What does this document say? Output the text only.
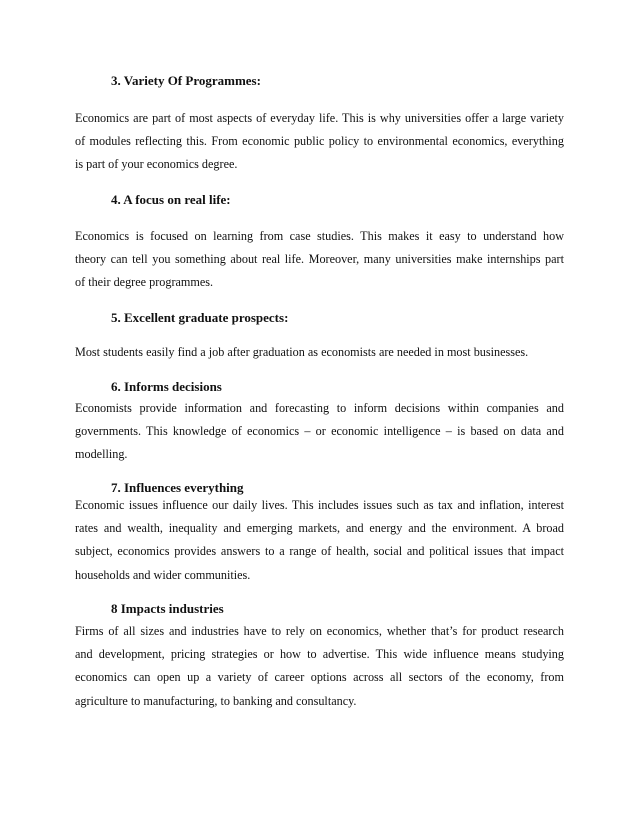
3. Variety Of Programmes:
Economics are part of most aspects of everyday life. This is why universities offer a large variety
of modules reflecting this. From economic public policy to environmental economics, everything
is part of your economics degree.
4. A focus on real life:
Economics is focused on learning from case studies. This makes it easy to understand how
theory can tell you something about real life. Moreover, many universities make internships part
of their degree programmes.
5. Excellent graduate prospects:
Most students easily find a job after graduation as economists are needed in most businesses.
6. Informs decisions
Economists provide information and forecasting to inform decisions within companies and
governments. This knowledge of economics – or economic intelligence – is based on data and
modelling.
7. Influences everything
Economic issues influence our daily lives. This includes issues such as tax and inflation, interest
rates and wealth, inequality and emerging markets, and energy and the environment. A broad
subject, economics provides answers to a range of health, social and political issues that impact
households and wider communities.
8 Impacts industries
Firms of all sizes and industries have to rely on economics, whether that’s for product research
and development, pricing strategies or how to advertise. This wide influence means studying
economics can open up a variety of career options across all sectors of the economy, from
agriculture to manufacturing, to banking and consultancy.
